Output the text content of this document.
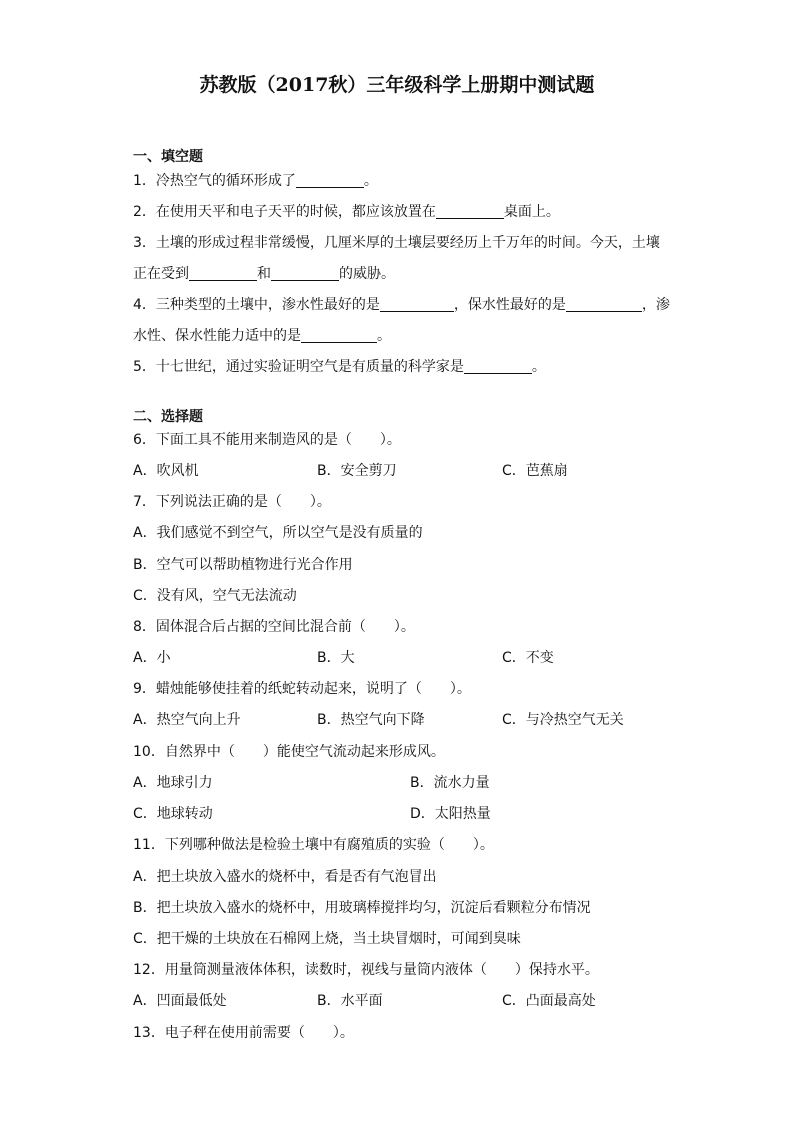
苏教版（2017秋）三年级科学上册期中测试题
一、填空题
1．冷热空气的循环形成了	。
2．在使用天平和电子天平的时候，都应该放置在	桌面上。
3．土壤的形成过程非常缓慢，几厘米厚的土壤层要经历上千万年的时间。今天，土壤
正在受到	和	的威胁。
4．三种类型的土壤中，渗水性最好的是	，保水性最好的是	，渗
水性、保水性能力适中的是	。
5．十七世纪，通过实验证明空气是有质量的科学家是	。
二、选择题
6．下面工具不能用来制造风的是（　　）。
A．吹风机	B．安全剪刀	C．芭蕉扇
7．下列说法正确的是（　　）。
A．我们感觉不到空气，所以空气是没有质量的
B．空气可以帮助植物进行光合作用
C．没有风，空气无法流动
8．固体混合后占据的空间比混合前（　　）。
A．小	B．大	C．不变
9．蜡烛能够使挂着的纸蛇转动起来，说明了（　　）。
A．热空气向上升	B．热空气向下降	C．与冷热空气无关
10．自然界中（　　）能使空气流动起来形成风。
A．地球引力	B．流水力量
C．地球转动	D．太阳热量
11．下列哪种做法是检验土壤中有腐殖质的实验（　　）。
A．把土块放入盛水的烧杯中，看是否有气泡冒出
B．把土块放入盛水的烧杯中，用玻璃棒搅拌均匀，沉淀后看颗粒分布情况
C．把干燥的土块放在石棉网上烧，当土块冒烟时，可闻到臭味
12．用量筒测量液体体积，读数时，视线与量筒内液体（　　）保持水平。
A．凹面最低处	B．水平面	C．凸面最高处
13．电子秤在使用前需要（　　）。
